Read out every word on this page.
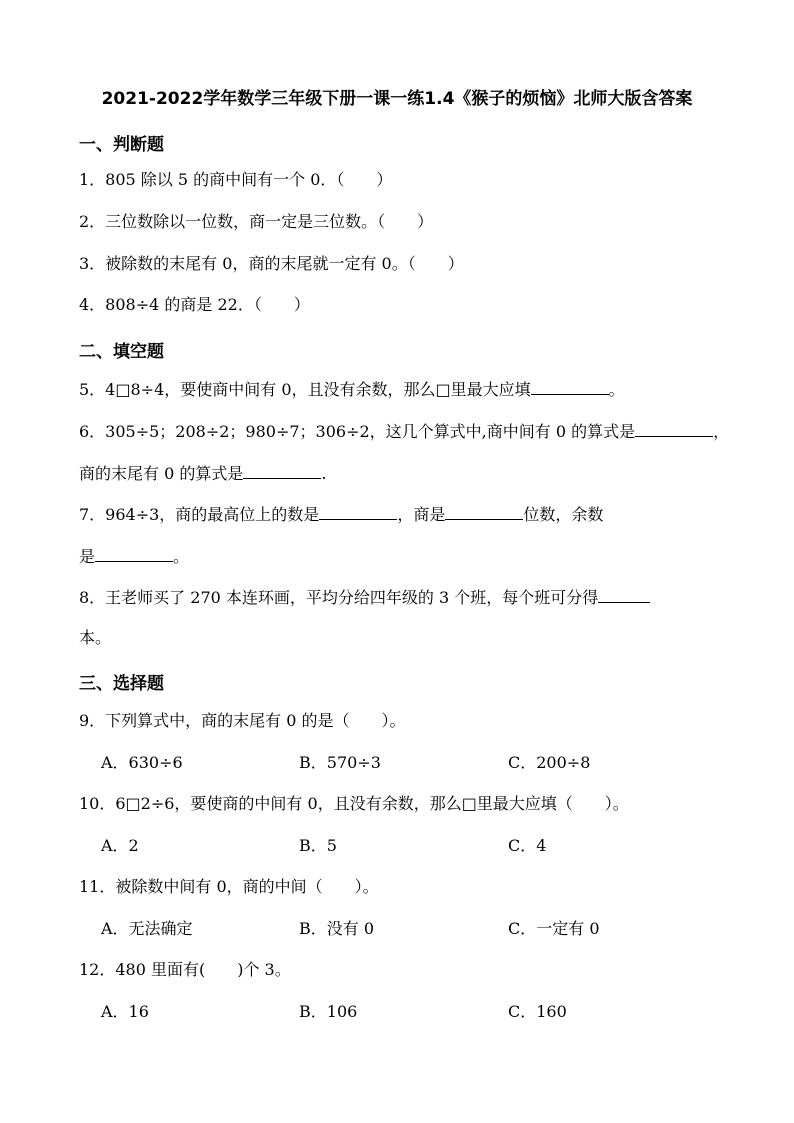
2021-2022学年数学三年级下册一课一练1.4《猴子的烦恼》北师大版含答案
一、判断题
1．805 除以 5 的商中间有一个 0．（　　）
2．三位数除以一位数，商一定是三位数。（　　）
3．被除数的末尾有 0，商的末尾就一定有 0。（　　）
4．808÷4 的商是 22．（　　）
二、填空题
5．4□8÷4，要使商中间有 0，且没有余数，那么□里最大应填	。
6．305÷5；208÷2；980÷7；306÷2，这几个算式中,商中间有 0 的算式是	，
商的末尾有 0 的算式是	.
7．964÷3，商的最高位上的数是	，商是	位数，余数
是	。
8．王老师买了 270 本连环画，平均分给四年级的 3 个班，每个班可分得
本。
三、选择题
9．下列算式中，商的末尾有 0 的是（　　）。
A．630÷6	B．570÷3	C．200÷8
10．6□2÷6，要使商的中间有 0，且没有余数，那么□里最大应填（　　）。
A．2	B．5	C．4
11．被除数中间有 0，商的中间（　　）。
A．无法确定	B．没有 0	C．一定有 0
12．480 里面有(　　)个 3。
A．16	B．106	C．160
